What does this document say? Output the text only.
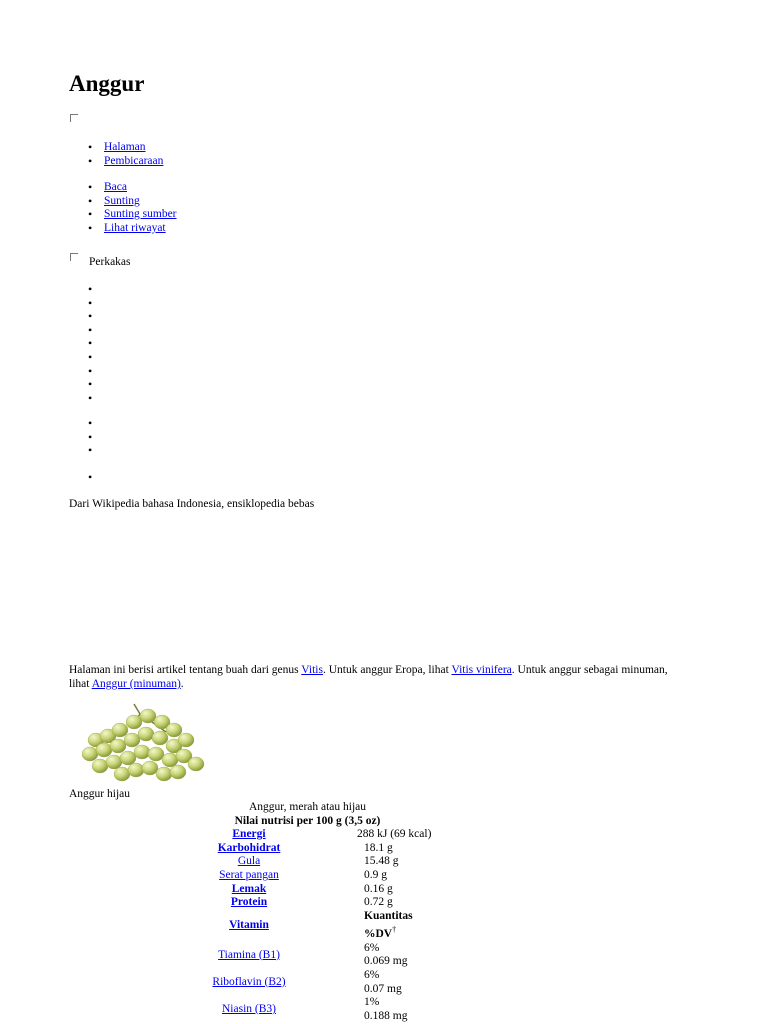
Anggur
• Halaman
• Pembicaraan
• Baca
• Sunting
• Sunting sumber
• Lihat riwayat
Perkakas
Dari Wikipedia bahasa Indonesia, ensiklopedia bebas
Halaman ini berisi artikel tentang buah dari genus Vitis. Untuk anggur Eropa, lihat Vitis vinifera. Untuk anggur sebagai minuman, lihat Anggur (minuman).
Anggur hijau
Anggur, merah atau hijau	
Nilai nutrisi per 100 g (3,5 oz)	
Energi	288 kJ (69 kcal)
Karbohidrat	18.1 g
Gula	15.48 g
Serat pangan	0.9 g
Lemak	0.16 g
Protein	0.72 g
Vitamin	Kuantitas
%DV†

Tiamina (B1)	6%
0.069 mg

Riboflavin (B2)	6%
0.07 mg

Niasin (B3)	1%
0.188 mg
